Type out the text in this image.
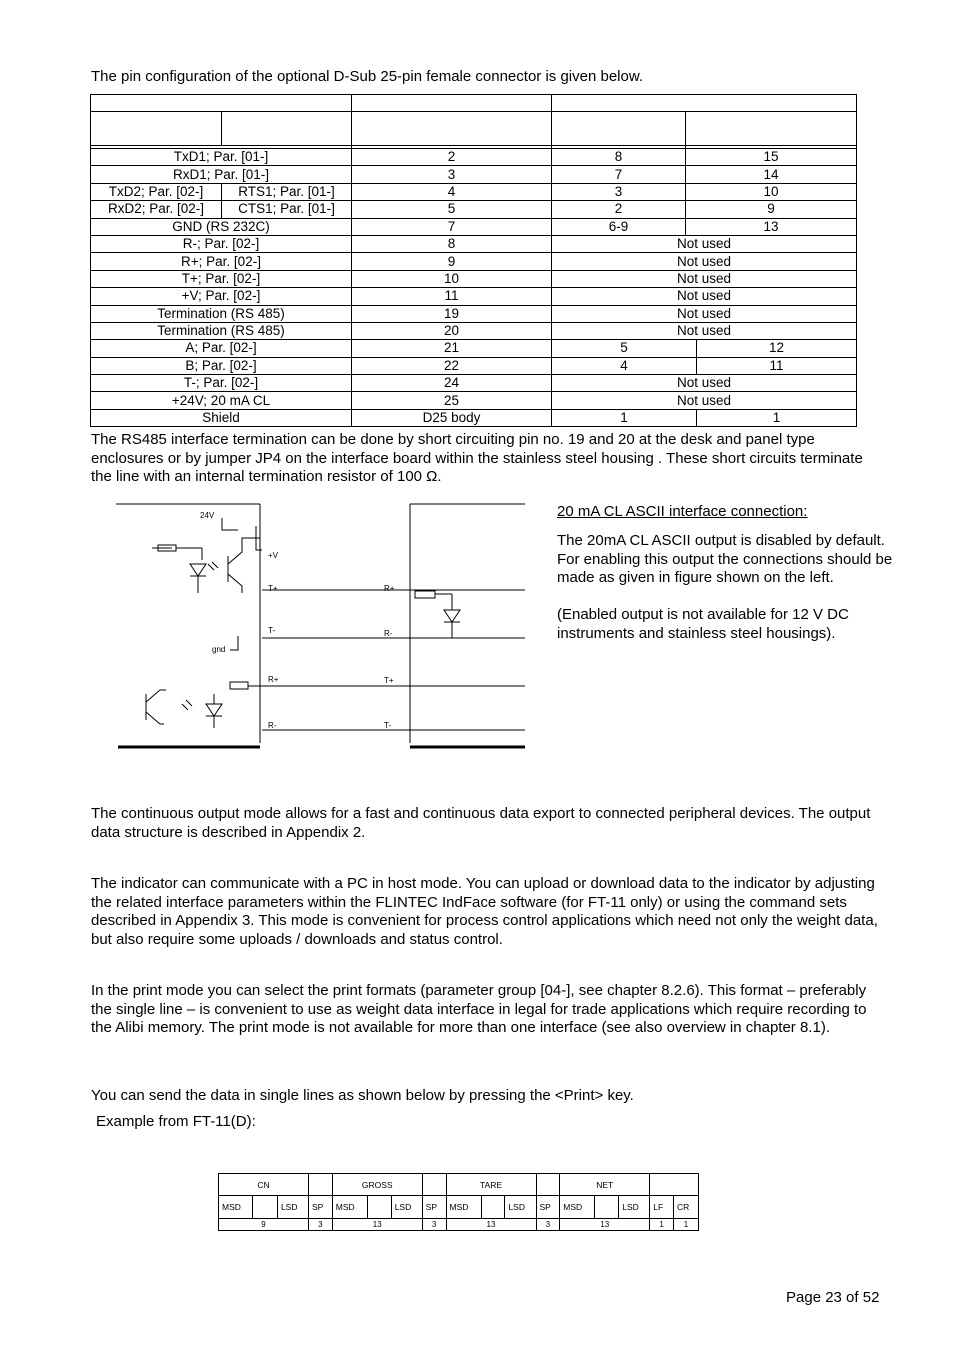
The pin configuration of the optional D-Sub 25-pin female connector is given below.

TxD1; Par. [01-]		2	8	15	
RxD1; Par. [01-]		3	7	14	
TxD2; Par. [02-]	RTS1; Par. [01-]	4	3	10	
RxD2; Par. [02-]	CTS1; Par. [01-]	5	2	9	
GND (RS 232C)		7	6-9	13	
R-; Par. [02-]		8	Not used		
R+; Par. [02-]		9	Not used		
T+; Par. [02-]		10	Not used		
+V; Par. [02-]		11	Not used		
Termination (RS 485)		19	Not used		
Termination (RS 485)		20	Not used		
A; Par. [02-]		21	5		12
B; Par. [02-]		22	4		11
T-; Par. [02-]		24	Not used		
+24V; 20 mA CL		25	Not used		
Shield		D25 body	1		1
The RS485 interface termination can be done by short circuiting pin no. 19 and 20 at the desk and panel type enclosures or by jumper JP4 on the interface board within the stainless steel housing . These short circuits terminate the line with an internal termination resistor of 100 Ω.
24V
+V
T+
T-
gnd
R+
R-
R+
R-
T+
T-
20 mA CL ASCII interface connection:
The 20mA CL ASCII output is disabled by default. For enabling this output the connections should be made as given in figure shown on the left.
(Enabled output is not available for 12 V DC instruments and stainless steel housings).
The continuous output mode allows for a fast and continuous data export to connected peripheral devices. The output data structure is described in Appendix 2.
The indicator can communicate with a PC in host mode. You can upload or download data to the indicator by adjusting the related interface parameters within the FLINTEC IndFace software (for FT-11 only) or using the command sets described in Appendix 3. This mode is convenient for process control applications which need not only the weight data, but also require some uploads / downloads and status control.
In the print mode you can select the print formats (parameter group [04-], see chapter 8.2.6). This format – preferably the single line – is convenient to use as weight data interface in legal for trade applications which require recording to the Alibi memory. The print mode is not available for more than one interface (see also overview in chapter 8.1).
You can send the data in single lines as shown below by pressing the <Print> key.
Example from FT-11(D):
CN				GROSS				TARE				NET				
MSD		LSD	SP	MSD		LSD	SP	MSD		LSD	SP	MSD		LSD	LF	CR
9			3	13			3	13			3	13			1	1
Page 23 of 52
